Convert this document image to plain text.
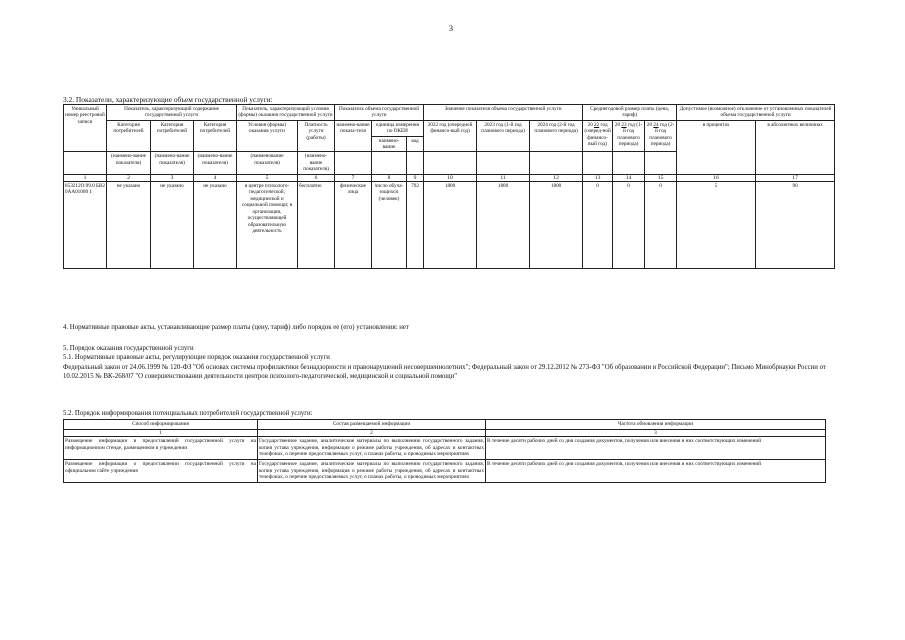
3
3.2. Показатели, характеризующие объем государственной услуги:
Уникальный номер реестровой записи	Показатель, характеризующий содержание государственной услуги			Показатель, характеризующий условия (формы) оказания государственной услуги		Показатель объема государственной услуги			Значение показателя объема государственной услуги			Среднегодовой размер платы (цена, тариф)			Допустимое (возможное) отклонение от установленных показателей объема государственной услуги		
	Категория потребителей	Категория потребителей	Категория потребителей	Условия (формы) оказания услуги	Платность услуги (работы)	наимено-вание показа-теля	единица измерения по ОКЕИ		2022 год (очередной финансо-вый год)	2023 год (1-й год планового периода)	2024 год (2-й год планового периода)	20 22 год (очеред-ной финансо-вый год)	20 23 год (1-й год планового периода)	20 24 год (2-й год планового периода)	в процентах	в абсолютных величинах	
							наимено-вание	код									
	(наимено-вание показателя)	(наимено-вание показателя)	(наимено-вание показателя)	(наименование показателя)	(наимено-вание показателя)												
1	2	3	4	5	6	7	8	9	10	11	12	13	14	15	16	17	
853212О.99.0 БВ20АА01000 1	не указано	не указано	не указано	в центре психолого-педагогической, медицинской и социальной помощи; в организации, осуществляющей образовательную деятельность	бесплатно	физические лица	число обуча-ющихся (человек)	792	1800	1800	1800	0	0	0	5	90	
4. Нормативные правовые акты, устанавливающие размер платы (цену, тариф) либо порядок ее (его) установления: нет
5. Порядок оказания государственной услуги
5.1. Нормативные правовые акты, регулирующие порядок оказания государственной услуги
Федеральный закон от 24.06.1999 № 120-ФЗ "Об основах системы профилактики безнадзорности и правонарушений несовершеннолетних"; Федеральный закон от 29.12.2012 № 273-ФЗ "Об образовании в Российской Федерации"; Письмо Минобрнауки России от 10.02.2015 № ВК-268/07 "О совершенствовании деятельности центров психолого-педагогической, медицинской и социальной помощи"
5.2. Порядок информирования потенциальных потребителей государственной услуги:
Способ информирования	Состав размещаемой информации	Частота обновления информации
1	2	3
Размещение информации в предоставлений государственной услуги на информационном стенде, размещенном в учреждении	Государственное задание, аналитические материалы по выполнению государственного задания, копия устава учреждения, информация о режиме работы учреждения, об адресах и контактных телефонах, о перечне предоставляемых услуг, о планах работы, о проводимых мероприятиях	В течение десяти рабочих дней со дня создания документов, получения или внесения в них соответствующих изменений
Размещение информации о предоставлении государственной услуги на официальном сайте учреждения	Государственное задание, аналитические материалы по выполнению государственного задания, копия устава учреждения, информация о режиме работы учреждения, об адресах и контактных телефонах, о перечне предоставляемых услуг, о планах работы, о проводимых мероприятиях	В течение десяти рабочих дней со дня создания документов, получения или внесения в них соответствующих изменений
